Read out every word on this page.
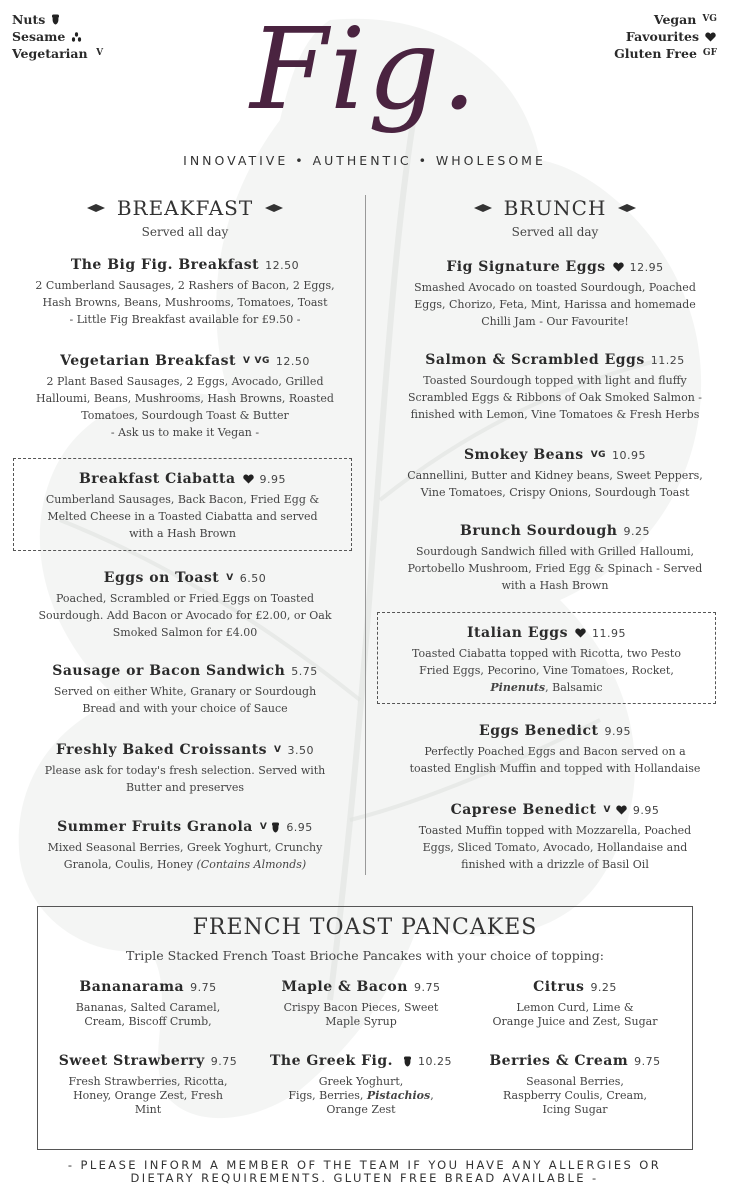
Nuts
Sesame
Vegetarian V
Vegan VG
Favourites
Gluten Free GF
Fig.
INNOVATIVE • AUTHENTIC • WHOLESOME
BREAKFAST
Served all day
The Big Fig. Breakfast 12.50
2 Cumberland Sausages, 2 Rashers of Bacon, 2 Eggs,
Hash Browns, Beans, Mushrooms, Tomatoes, Toast
- Little Fig Breakfast available for £9.50 -
Vegetarian Breakfast V VG 12.50
2 Plant Based Sausages, 2 Eggs, Avocado, Grilled
Halloumi, Beans, Mushrooms, Hash Browns, Roasted
Tomatoes, Sourdough Toast & Butter
- Ask us to make it Vegan -
Breakfast Ciabatta 9.95
Cumberland Sausages, Back Bacon, Fried Egg &
Melted Cheese in a Toasted Ciabatta and served
with a Hash Brown
Eggs on Toast V 6.50
Poached, Scrambled or Fried Eggs on Toasted
Sourdough. Add Bacon or Avocado for £2.00, or Oak
Smoked Salmon for £4.00
Sausage or Bacon Sandwich 5.75
Served on either White, Granary or Sourdough
Bread and with your choice of Sauce
Freshly Baked Croissants V 3.50
Please ask for today's fresh selection. Served with
Butter and preserves
Summer Fruits Granola V 6.95
Mixed Seasonal Berries, Greek Yoghurt, Crunchy
Granola, Coulis, Honey (Contains Almonds)
BRUNCH
Served all day
Fig Signature Eggs 12.95
Smashed Avocado on toasted Sourdough, Poached
Eggs, Chorizo, Feta, Mint, Harissa and homemade
Chilli Jam - Our Favourite!
Salmon & Scrambled Eggs 11.25
Toasted Sourdough topped with light and fluffy
Scrambled Eggs & Ribbons of Oak Smoked Salmon -
finished with Lemon, Vine Tomatoes & Fresh Herbs
Smokey Beans VG 10.95
Cannellini, Butter and Kidney beans, Sweet Peppers,
Vine Tomatoes, Crispy Onions, Sourdough Toast
Brunch Sourdough 9.25
Sourdough Sandwich filled with Grilled Halloumi,
Portobello Mushroom, Fried Egg & Spinach - Served
with a Hash Brown
Italian Eggs 11.95
Toasted Ciabatta topped with Ricotta, two Pesto
Fried Eggs, Pecorino, Vine Tomatoes, Rocket,
Pinenuts, Balsamic
Eggs Benedict 9.95
Perfectly Poached Eggs and Bacon served on a
toasted English Muffin and topped with Hollandaise
Caprese Benedict V 9.95
Toasted Muffin topped with Mozzarella, Poached
Eggs, Sliced Tomato, Avocado, Hollandaise and
finished with a drizzle of Basil Oil
FRENCH TOAST PANCAKES
Triple Stacked French Toast Brioche Pancakes with your choice of topping:
Bananarama 9.75
Bananas, Salted Caramel,
Cream, Biscoff Crumb,
Maple & Bacon 9.75
Crispy Bacon Pieces, Sweet
Maple Syrup
Citrus 9.25
Lemon Curd, Lime &
Orange Juice and Zest, Sugar
Sweet Strawberry 9.75
Fresh Strawberries, Ricotta,
Honey, Orange Zest, Fresh
Mint
The Greek Fig. 10.25
Greek Yoghurt,
Figs, Berries, Pistachios,
Orange Zest
Berries & Cream 9.75
Seasonal Berries,
Raspberry Coulis, Cream,
Icing Sugar
- PLEASE INFORM A MEMBER OF THE TEAM IF YOU HAVE ANY ALLERGIES OR
DIETARY REQUIREMENTS. GLUTEN FREE BREAD AVAILABLE -
